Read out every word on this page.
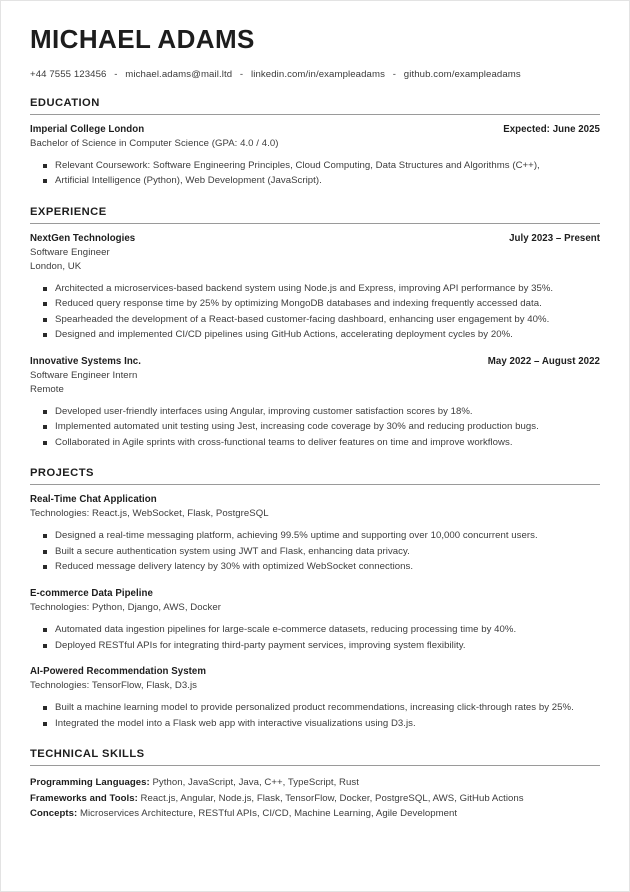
MICHAEL ADAMS
+44 7555 123456 - michael.adams@mail.ltd - linkedin.com/in/exampleadams - github.com/exampleadams
EDUCATION
Imperial College London	Expected: June 2025
Bachelor of Science in Computer Science (GPA: 4.0 / 4.0)
Relevant Coursework: Software Engineering Principles, Cloud Computing, Data Structures and Algorithms (C++),
Artificial Intelligence (Python), Web Development (JavaScript).
EXPERIENCE
NextGen Technologies	July 2023 – Present
Software Engineer
London, UK
Architected a microservices-based backend system using Node.js and Express, improving API performance by 35%.
Reduced query response time by 25% by optimizing MongoDB databases and indexing frequently accessed data.
Spearheaded the development of a React-based customer-facing dashboard, enhancing user engagement by 40%.
Designed and implemented CI/CD pipelines using GitHub Actions, accelerating deployment cycles by 20%.
Innovative Systems Inc.	May 2022 – August 2022
Software Engineer Intern
Remote
Developed user-friendly interfaces using Angular, improving customer satisfaction scores by 18%.
Implemented automated unit testing using Jest, increasing code coverage by 30% and reducing production bugs.
Collaborated in Agile sprints with cross-functional teams to deliver features on time and improve workflows.
PROJECTS
Real-Time Chat Application
Technologies: React.js, WebSocket, Flask, PostgreSQL
Designed a real-time messaging platform, achieving 99.5% uptime and supporting over 10,000 concurrent users.
Built a secure authentication system using JWT and Flask, enhancing data privacy.
Reduced message delivery latency by 30% with optimized WebSocket connections.
E-commerce Data Pipeline
Technologies: Python, Django, AWS, Docker
Automated data ingestion pipelines for large-scale e-commerce datasets, reducing processing time by 40%.
Deployed RESTful APIs for integrating third-party payment services, improving system flexibility.
AI-Powered Recommendation System
Technologies: TensorFlow, Flask, D3.js
Built a machine learning model to provide personalized product recommendations, increasing click-through rates by 25%.
Integrated the model into a Flask web app with interactive visualizations using D3.js.
TECHNICAL SKILLS
Programming Languages: Python, JavaScript, Java, C++, TypeScript, Rust
Frameworks and Tools: React.js, Angular, Node.js, Flask, TensorFlow, Docker, PostgreSQL, AWS, GitHub Actions
Concepts: Microservices Architecture, RESTful APIs, CI/CD, Machine Learning, Agile Development
